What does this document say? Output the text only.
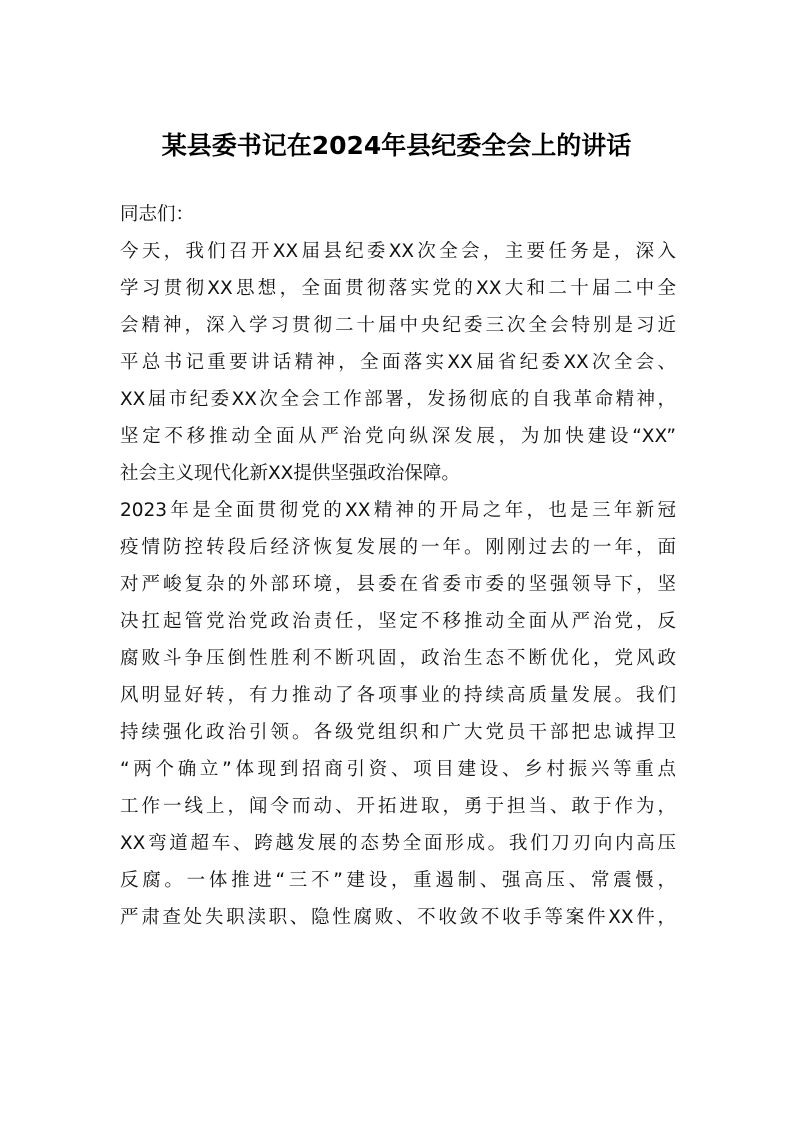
某县委书记在2024年县纪委全会上的讲话
同志们：
今天，我们召开XX届县纪委XX次全会，主要任务是，深入
学习贯彻XX思想，全面贯彻落实党的XX大和二十届二中全
会精神，深入学习贯彻二十届中央纪委三次全会特别是习近
平总书记重要讲话精神，全面落实XX届省纪委XX次全会、
XX届市纪委XX次全会工作部署，发扬彻底的自我革命精神，
坚定不移推动全面从严治党向纵深发展，为加快建设“XX”
社会主义现代化新XX提供坚强政治保障。
2023年是全面贯彻党的XX精神的开局之年，也是三年新冠
疫情防控转段后经济恢复发展的一年。刚刚过去的一年，面
对严峻复杂的外部环境，县委在省委市委的坚强领导下，坚
决扛起管党治党政治责任，坚定不移推动全面从严治党，反
腐败斗争压倒性胜利不断巩固，政治生态不断优化，党风政
风明显好转，有力推动了各项事业的持续高质量发展。我们
持续强化政治引领。各级党组织和广大党员干部把忠诚捍卫
“两个确立”体现到招商引资、项目建设、乡村振兴等重点
工作一线上，闻令而动、开拓进取，勇于担当、敢于作为，
XX弯道超车、跨越发展的态势全面形成。我们刀刃向内高压
反腐。一体推进“三不”建设，重遏制、强高压、常震慑，
严肃查处失职渎职、隐性腐败、不收敛不收手等案件XX件，
